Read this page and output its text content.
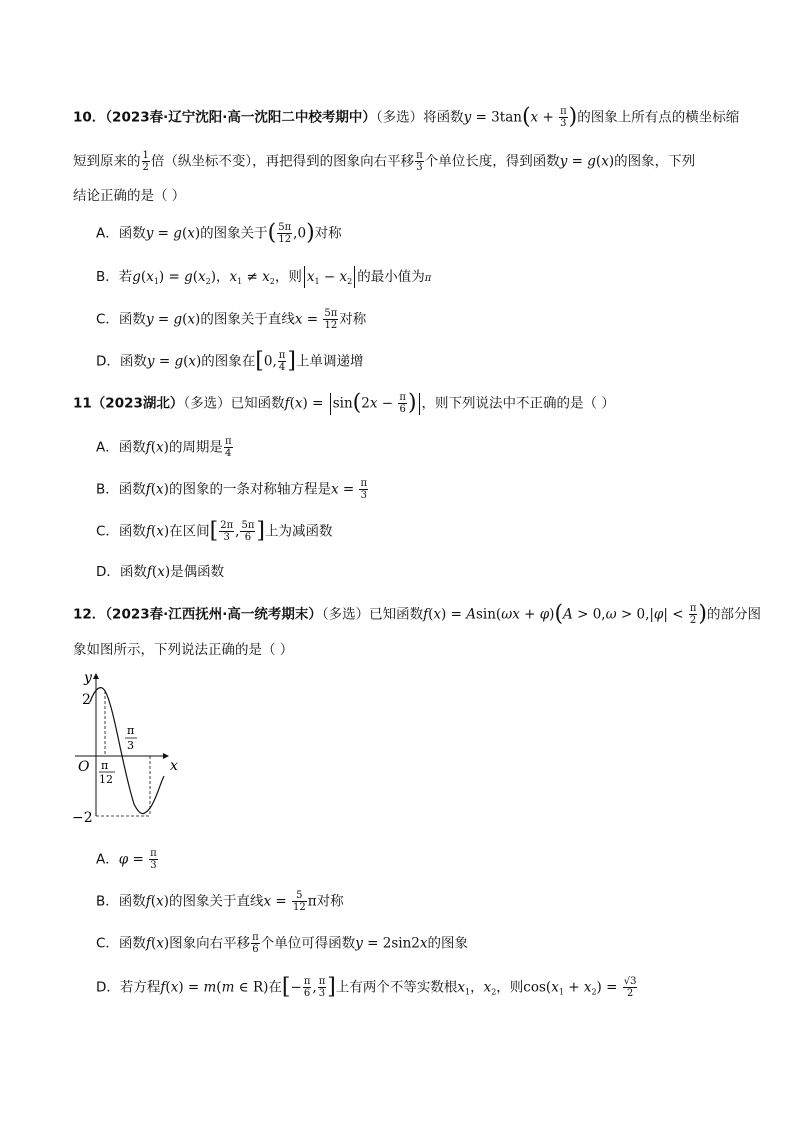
10．（2023春·辽宁沈阳·高一沈阳二中校考期中）（多选）将函数$y = 3\tan(x + \frac{\pi}{3}$ )的图象上所有点的横坐标缩
短到原来的 $\frac{1}{2}$ 倍（纵坐标不变），再把得到的图象向右平移 $\frac{\pi}{3}$ 个单位长度，得到函数y = g(x)的图象，下列
结论正确的是（ ）
A．函数y = g(x)的图象关于( $\frac{5\pi}{12} ,0$)对称
B．若$g(x_1) = g(x_2)$，$x_1 \ne x_2$，则 $x_1 - x_2$ 的最小值为π
C．函数y = g(x)的图象关于直线$x = \frac{5\pi}{12}$ 对称
D．函数y = g(x)的图象在[0, $\frac{\pi}{4}$ ]上单调递增
11（2023湖北）（多选）已知函数$f(x) = \sin(2x - \frac{\pi}{6}$ ) ，则下列说法中不正确的是（ ）
A．函数f(x)的周期是 $\frac{\pi}{4}$
B．函数f(x)的图象的一条对称轴方程是$x = \frac{\pi}{3}$
C．函数f(x)在区间[ $\frac{2\pi}{3}$ , $\frac{5\pi}{6}$ ]上为减函数
D．函数f(x)是偶函数
12．（2023春·江西抚州·高一统考期末）（多选）已知函数$f(x) = Asin(\omega x + \varphi)(A > 0,\omega > 0,|\varphi| < \frac{\pi}{2}$ )的部分图
象如图所示，下列说法正确的是（ ）
y
x
O
2
−2
π
12
π
3
A．$\varphi = \frac{\pi}{3}$
B．函数f(x)的图象关于直线$x = \frac{5}{12}$ π对称
C．函数f(x)图象向右平移 $\frac{\pi}{6}$ 个单位可得函数y = 2sin2x的图象
D．若方程f(x) = m(m ∈ R)在[− $\frac{\pi}{6}$ , $\frac{\pi}{3}$ ]上有两个不等实数根$x_1$，$x_2$，则$\cos(x_1 + x_2) = \frac{√3}{2}$
